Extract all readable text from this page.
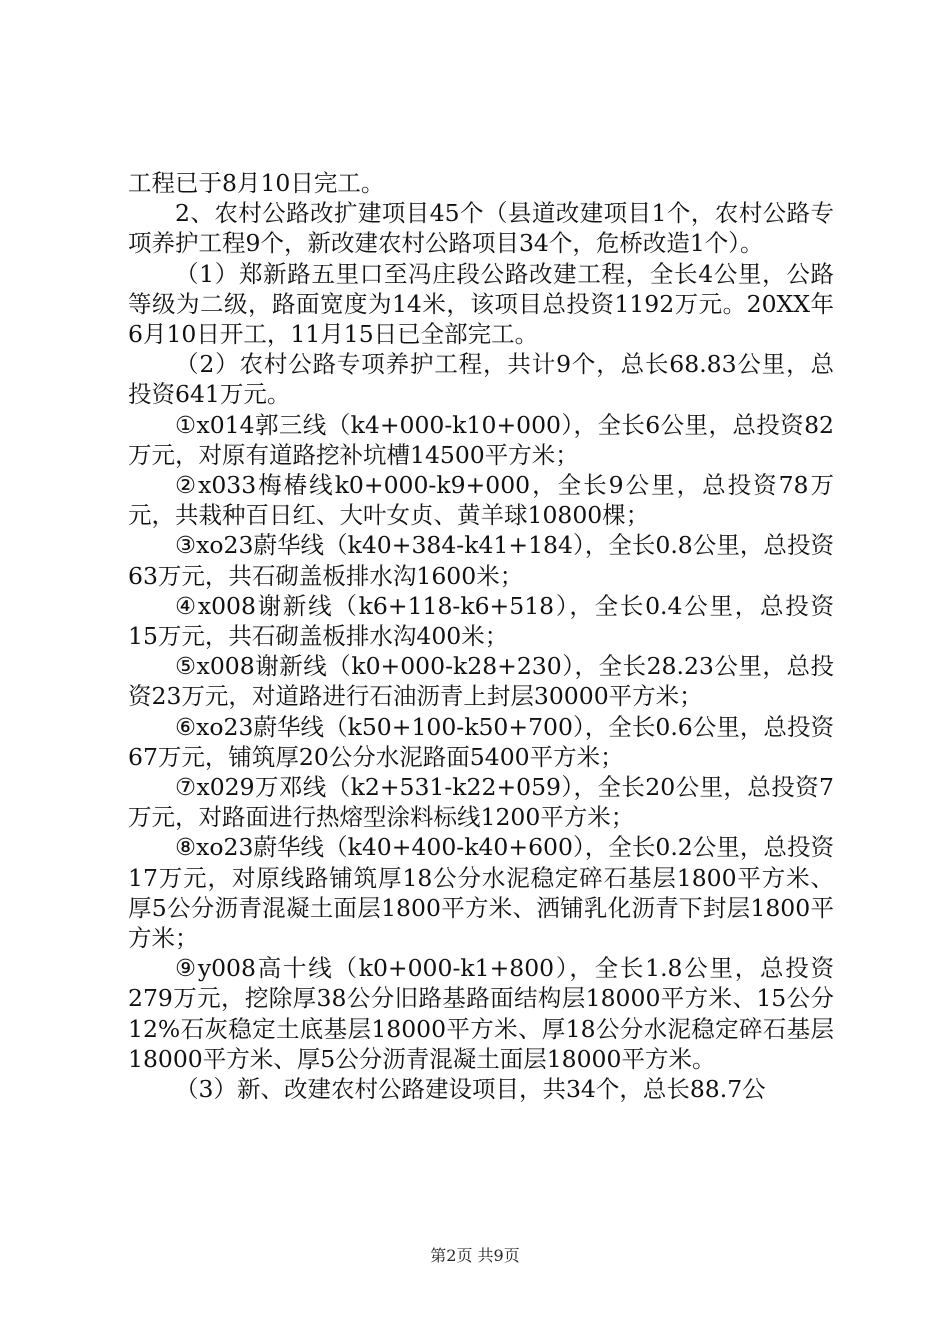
工程已于8月10日完工。

2、农村公路改扩建项目45个（县道改建项目1个，农村公路专项养护工程9个，新改建农村公路项目34个，危桥改造1个）。

（1）郑新路五里口至冯庄段公路改建工程，全长4公里，公路等级为二级，路面宽度为14米，该项目总投资1192万元。20XX年6月10日开工，11月15日已全部完工。

（2）农村公路专项养护工程，共计9个，总长68.83公里，总投资641万元。

①x014郭三线（k4+000-k10+000），全长6公里，总投资82万元，对原有道路挖补坑槽14500平方米；

②x033梅椿线k0+000-k9+000，全长9公里，总投资78万元，共栽种百日红、大叶女贞、黄羊球10800棵；

③xo23蔚华线（k40+384-k41+184），全长0.8公里，总投资63万元，共石砌盖板排水沟1600米；

④x008谢新线（k6+118-k6+518），全长0.4公里，总投资15万元，共石砌盖板排水沟400米；

⑤x008谢新线（k0+000-k28+230），全长28.23公里，总投资23万元，对道路进行石油沥青上封层30000平方米；

⑥xo23蔚华线（k50+100-k50+700），全长0.6公里，总投资67万元，铺筑厚20公分水泥路面5400平方米；

⑦x029万邓线（k2+531-k22+059），全长20公里，总投资7万元，对路面进行热熔型涂料标线1200平方米；

⑧xo23蔚华线（k40+400-k40+600），全长0.2公里，总投资17万元，对原线路铺筑厚18公分水泥稳定碎石基层1800平方米、厚5公分沥青混凝土面层1800平方米、洒铺乳化沥青下封层1800平方米；

⑨y008高十线（k0+000-k1+800），全长1.8公里，总投资279万元，挖除厚38公分旧路基路面结构层18000平方米、15公分12%石灰稳定土底基层18000平方米、厚18公分水泥稳定碎石基层18000平方米、厚5公分沥青混凝土面层18000平方米。

（3）新、改建农村公路建设项目，共34个，总长88.7公

第2页 共9页
